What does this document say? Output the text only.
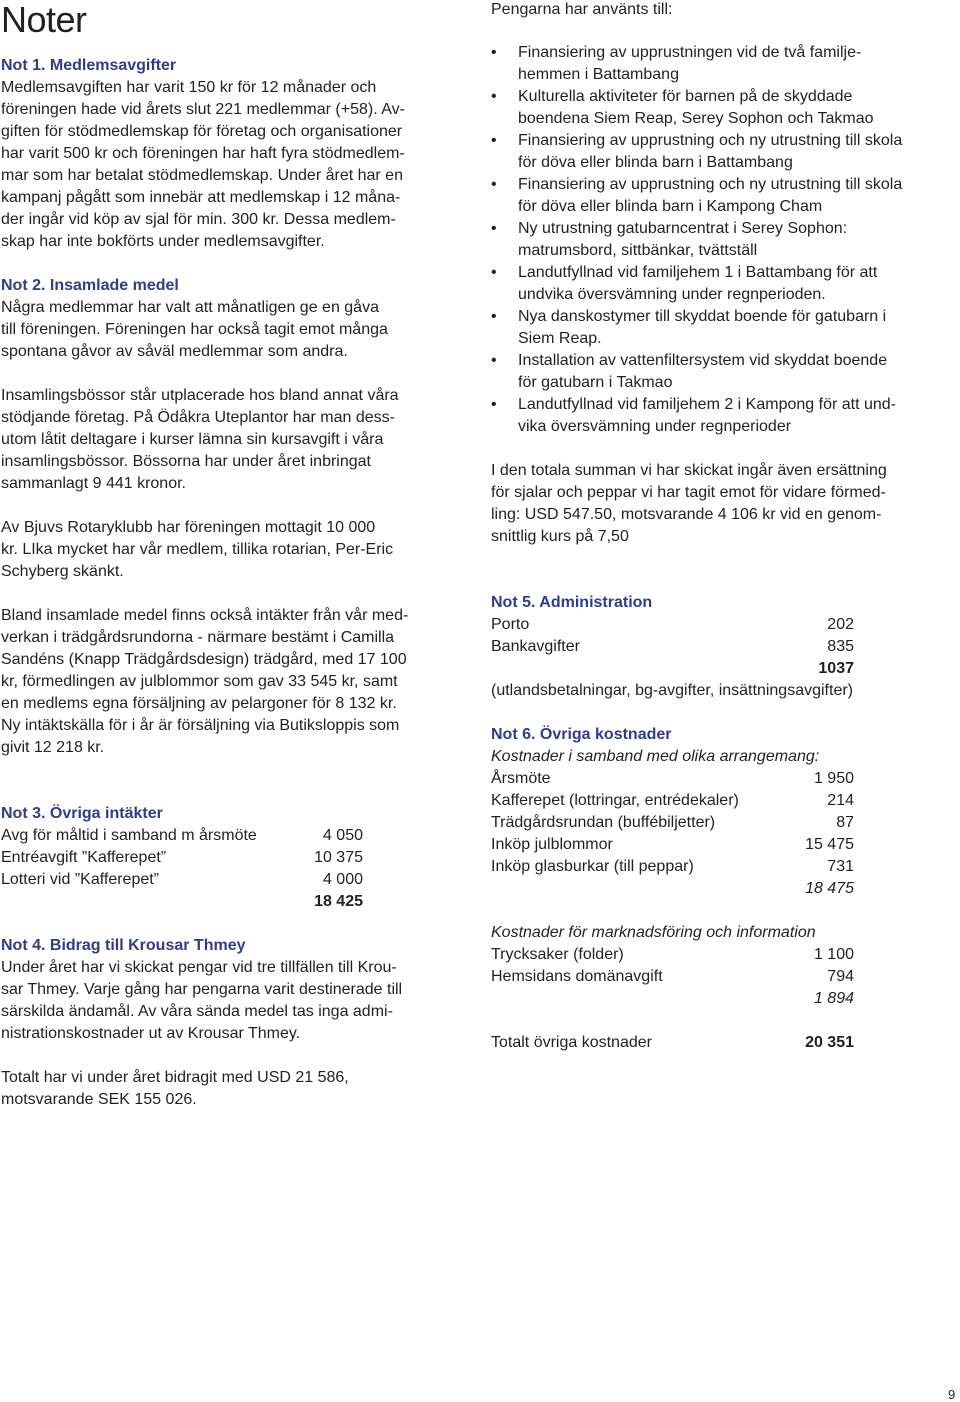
Noter
Not 1. Medlemsavgifter

Medlemsavgiften har varit 150 kr för 12 månader och

föreningen hade vid årets slut 221 medlemmar (+58). Av-

giften för stödmedlemskap för företag och organisationer

har varit 500 kr och föreningen har haft fyra stödmedlem-

mar som har betalat stödmedlemskap. Under året har en

kampanj pågått som innebär att medlemskap i 12 måna-

der ingår vid köp av sjal för min. 300 kr. Dessa medlem-

skap har inte bokförts under medlemsavgifter.

Not 2. Insamlade medel

Några medlemmar har valt att månatligen ge en gåva

till föreningen. Föreningen har också tagit emot många

spontana gåvor av såväl medlemmar som andra.

Insamlingsbössor står utplacerade hos bland annat våra

stödjande företag. På Ödåkra Uteplantor har man dess-

utom låtit deltagare i kurser lämna sin kursavgift i våra

insamlingsbössor. Bössorna har under året inbringat

sammanlagt 9 441 kronor.

Av Bjuvs Rotaryklubb har föreningen mottagit 10 000

kr. LIka mycket har vår medlem, tillika rotarian, Per-Eric

Schyberg skänkt.

Bland insamlade medel finns också intäkter från vår med-

verkan i trädgårdsrundorna - närmare bestämt i Camilla

Sandéns (Knapp Trädgårdsdesign) trädgård, med 17 100

kr, förmedlingen av julblommor som gav 33 545 kr, samt

en medlems egna försäljning av pelargoner för 8 132 kr.

Ny intäktskälla för i år är försäljning via Butiksloppis som

givit 12 218 kr.

Not 3. Övriga intäkter
Avg för måltid i samband m årsmöte	4 050
Entréavgift ”Kafferepet”	10 375
Lotteri vid ”Kafferepet”	4 000
	18 425
Not 4. Bidrag till Krousar Thmey

Under året har vi skickat pengar vid tre tillfällen till Krou-

sar Thmey. Varje gång har pengarna varit destinerade till

särskilda ändamål. Av våra sända medel tas inga admi-

nistrationskostnader ut av Krousar Thmey.

Totalt har vi under året bidragit med USD 21 586,

motsvarande SEK 155 026.

Pengarna har använts till:

• Finansiering av upprustningen vid de två familje-
hemmen i Battambang
• Kulturella aktiviteter för barnen på de skyddade
boendena Siem Reap, Serey Sophon och Takmao
• Finansiering av upprustning och ny utrustning till skola
för döva eller blinda barn i Battambang
• Finansiering av upprustning och ny utrustning till skola
för döva eller blinda barn i Kampong Cham
• Ny utrustning gatubarncentrat i Serey Sophon:
matrumsbord, sittbänkar, tvättställ
• Landutfyllnad vid familjehem 1 i Battambang för att
undvika översvämning under regnperioden.
• Nya danskostymer till skyddat boende för gatubarn i
Siem Reap.
• Installation av vattenfiltersystem vid skyddat boende
för gatubarn i Takmao
• Landutfyllnad vid familjehem 2 i Kampong för att und-
vika översvämning under regnperioder

I den totala summan vi har skickat ingår även ersättning

för sjalar och peppar vi har tagit emot för vidare förmed-

ling: USD 547.50, motsvarande 4 106 kr vid en genom-

snittlig kurs på 7,50

Not 5. Administration
Porto	202
Bankavgifter	835
	1037

(utlandsbetalningar, bg-avgifter, insättningsavgifter)

Not 6. Övriga kostnader

Kostnader i samband med olika arrangemang:

Årsmöte	1 950
Kafferepet (lottringar, entrédekaler)	214
Trädgårdsrundan (buffébiljetter)	87
Inköp julblommor	15 475
Inköp glasburkar (till peppar)	731
	18 475

Kostnader för marknadsföring och information

Trycksaker (folder)	1 100
Hemsidans domänavgift	794
	1 894
Totalt övriga kostnader	20 351
9
